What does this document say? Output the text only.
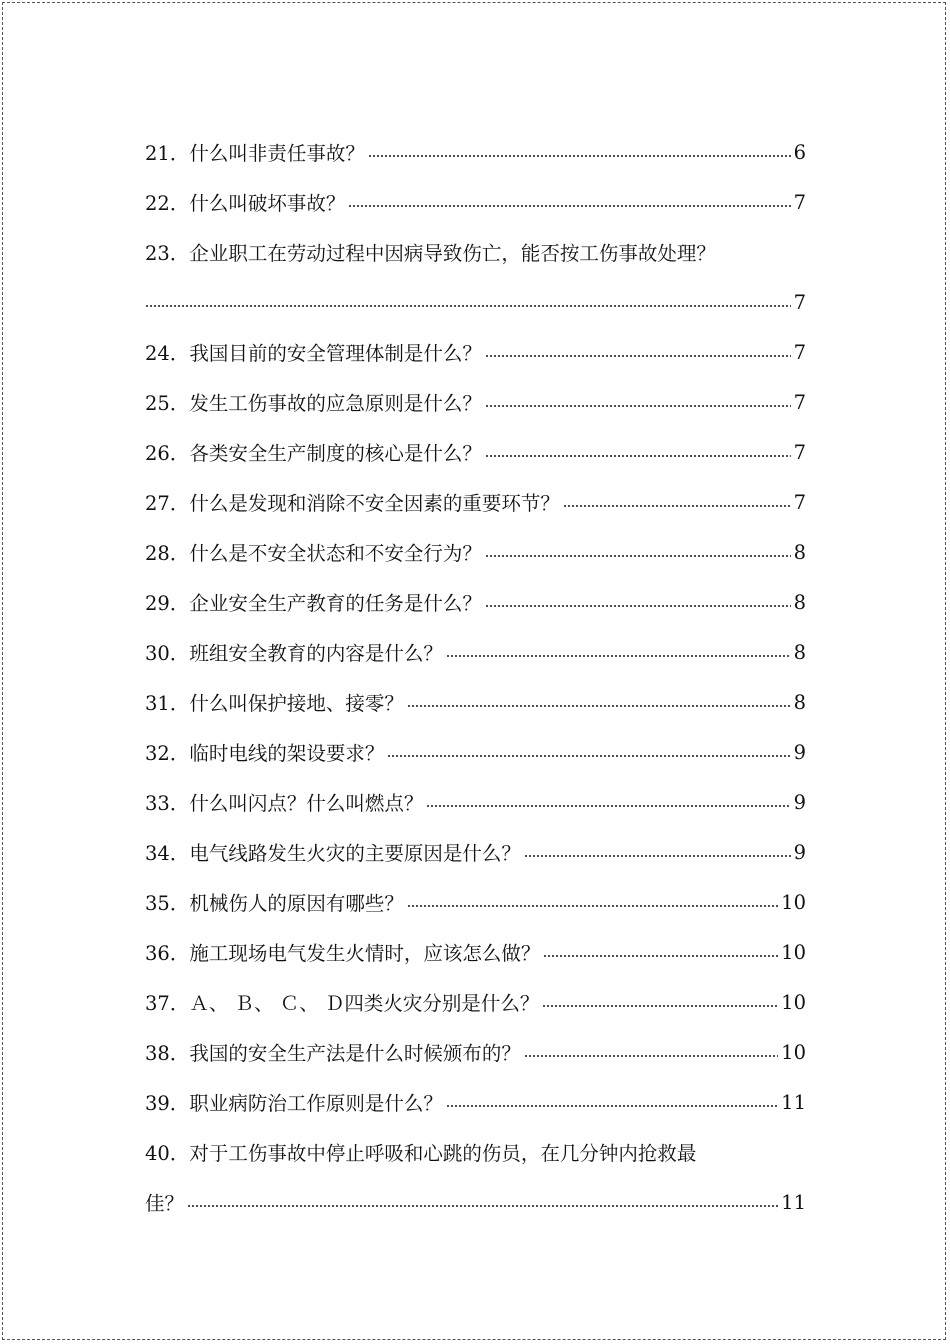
21． 什么叫非责任事故？	6
22． 什么叫破坏事故？	7
23． 企业职工在劳动过程中因病导致伤亡，能否按工伤事故处理？
7
24． 我国目前的安全管理体制是什么？	7
25． 发生工伤事故的应急原则是什么？	7
26． 各类安全生产制度的核心是什么？	7
27． 什么是发现和消除不安全因素的重要环节？	7
28． 什么是不安全状态和不安全行为？	8
29． 企业安全生产教育的任务是什么？	8
30． 班组安全教育的内容是什么？	8
31． 什么叫保护接地、接零？	8
32． 临时电线的架设要求？	9
33． 什么叫闪点？什么叫燃点？	9
34． 电气线路发生火灾的主要原因是什么？	9
35． 机械伤人的原因有哪些？	10
36． 施工现场电气发生火情时，应该怎么做？	10
37． Ａ、 Ｂ、 Ｃ、 Ｄ四类火灾分别是什么？	10
38． 我国的安全生产法是什么时候颁布的？	10
39． 职业病防治工作原则是什么？	11
40． 对于工伤事故中停止呼吸和心跳的伤员，在几分钟内抢救最
佳？	11
